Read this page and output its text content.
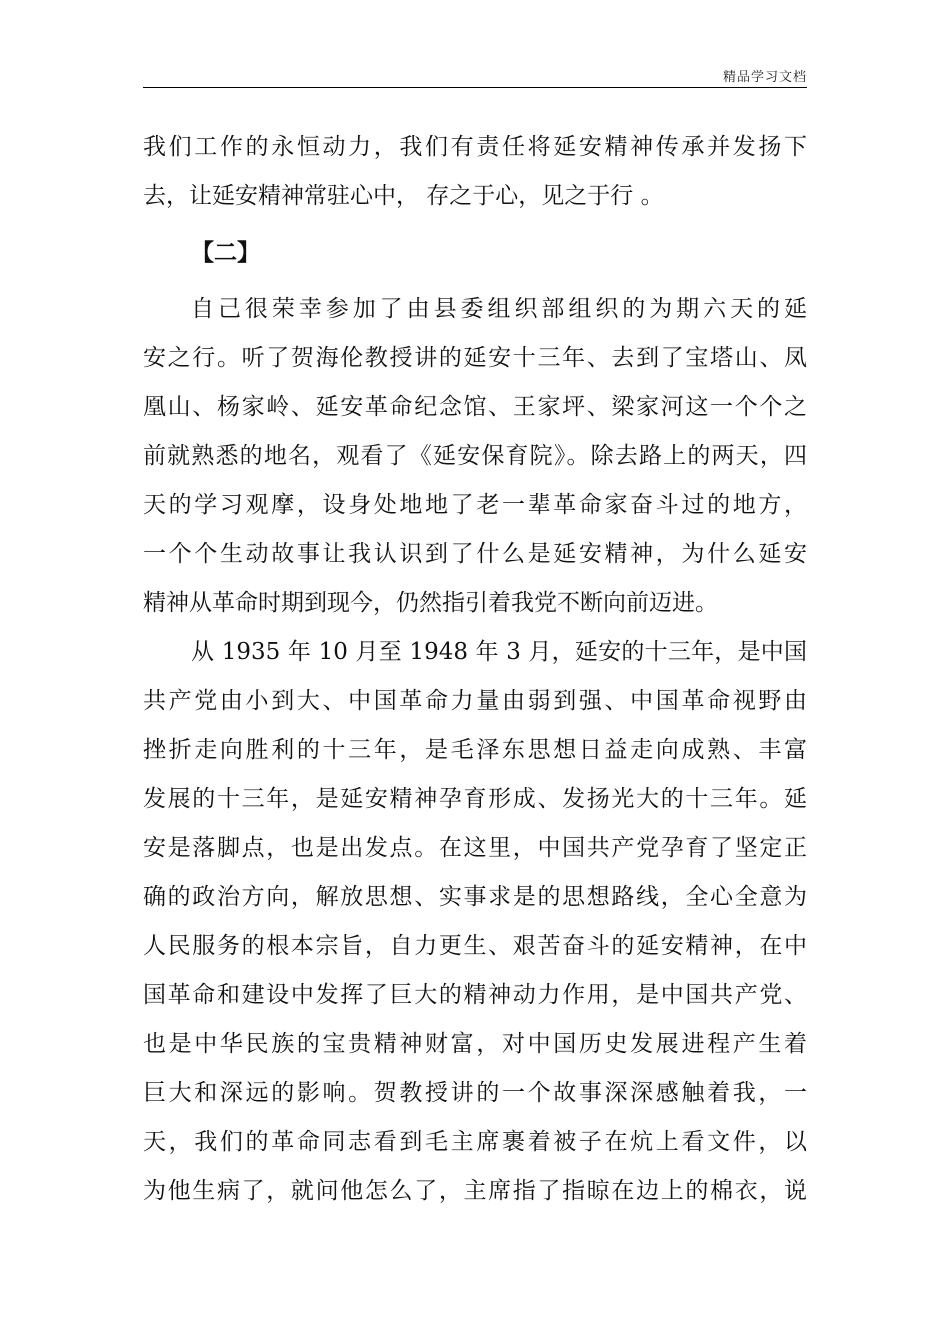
精品学习文档
我们工作的永恒动力，我们有责任将延安精神传承并发扬下
去，让延安精神常驻心中， 存之于心，见之于行 。
【二】
自己很荣幸参加了由县委组织部组织的为期六天的延
安之行。听了贺海伦教授讲的延安十三年、去到了宝塔山、凤
凰山、杨家岭、延安革命纪念馆、王家坪、梁家河这一个个之
前就熟悉的地名，观看了《延安保育院》。除去路上的两天，四
天的学习观摩，设身处地地了老一辈革命家奋斗过的地方，
一个个生动故事让我认识到了什么是延安精神，为什么延安
精神从革命时期到现今，仍然指引着我党不断向前迈进。
从 1935 年 10 月至 1948 年 3 月，延安的十三年，是中国
共产党由小到大、中国革命力量由弱到强、中国革命视野由
挫折走向胜利的十三年，是毛泽东思想日益走向成熟、丰富
发展的十三年，是延安精神孕育形成、发扬光大的十三年。延
安是落脚点，也是出发点。在这里，中国共产党孕育了坚定正
确的政治方向，解放思想、实事求是的思想路线，全心全意为
人民服务的根本宗旨，自力更生、艰苦奋斗的延安精神，在中
国革命和建设中发挥了巨大的精神动力作用，是中国共产党、
也是中华民族的宝贵精神财富，对中国历史发展进程产生着
巨大和深远的影响。贺教授讲的一个故事深深感触着我，一
天，我们的革命同志看到毛主席裹着被子在炕上看文件，以
为他生病了，就问他怎么了，主席指了指晾在边上的棉衣，说
